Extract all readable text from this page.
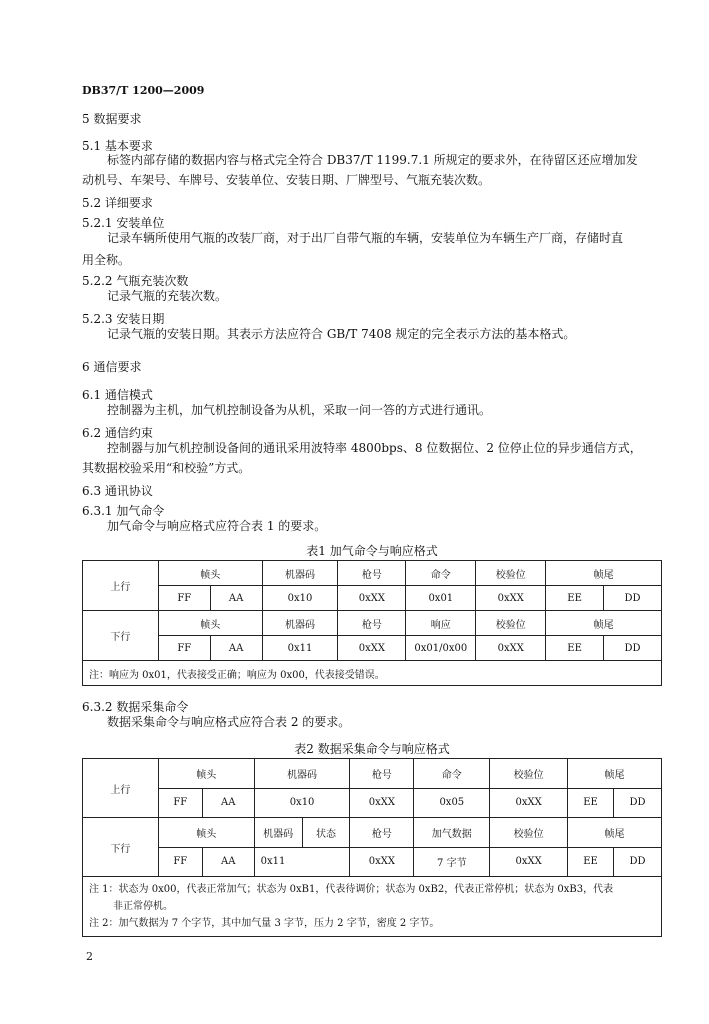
DB37/T 1200—2009
5 数据要求
5.1 基本要求
标签内部存储的数据内容与格式完全符合 DB37/T 1199.7.1 所规定的要求外，在待留区还应增加发
动机号、车架号、车牌号、安装单位、安装日期、厂牌型号、气瓶充装次数。
5.2 详细要求
5.2.1 安装单位
记录车辆所使用气瓶的改装厂商，对于出厂自带气瓶的车辆，安装单位为车辆生产厂商，存储时直
用全称。
5.2.2 气瓶充装次数
记录气瓶的充装次数。
5.2.3 安装日期
记录气瓶的安装日期。其表示方法应符合 GB/T 7408 规定的完全表示方法的基本格式。
6 通信要求
6.1 通信模式
控制器为主机，加气机控制设备为从机，采取一问一答的方式进行通讯。
6.2 通信约束
控制器与加气机控制设备间的通讯采用波特率 4800bps、8 位数据位、2 位停止位的异步通信方式，
其数据校验采用“和校验”方式。
6.3 通讯协议
6.3.1 加气命令
加气命令与响应格式应符合表 1 的要求。
表1 加气命令与响应格式
上行	帧头		机器码	枪号	命令	校验位	帧尾	
	FF	AA	0x10	0xXX	0x01	0xXX	EE	DD
下行	帧头		机器码	枪号	响应	校验位	帧尾	
	FF	AA	0x11	0xXX	0x01/0x00	0xXX	EE	DD
注：响应为 0x01，代表接受正确；响应为 0x00，代表接受错误。								
6.3.2 数据采集命令
数据采集命令与响应格式应符合表 2 的要求。
表2 数据采集命令与响应格式
上行	帧头		机器码		枪号	命令	校验位	帧尾	
	FF	AA	0x10		0xXX	0x05	0xXX	EE	DD
下行	帧头		机器码	状态	枪号	加气数据	校验位	帧尾	
	FF	AA	0x11		0xXX	7 字节	0xXX	EE	DD

注 1：状态为 0x00，代表正常加气；状态为 0xB1，代表待调价；状态为 0xB2，代表正常停机；状态为 0xB3，代表
非正常停机。
注 2：加气数据为 7 个字节，其中加气量 3 字节，压力 2 字节，密度 2 字节。									
2
